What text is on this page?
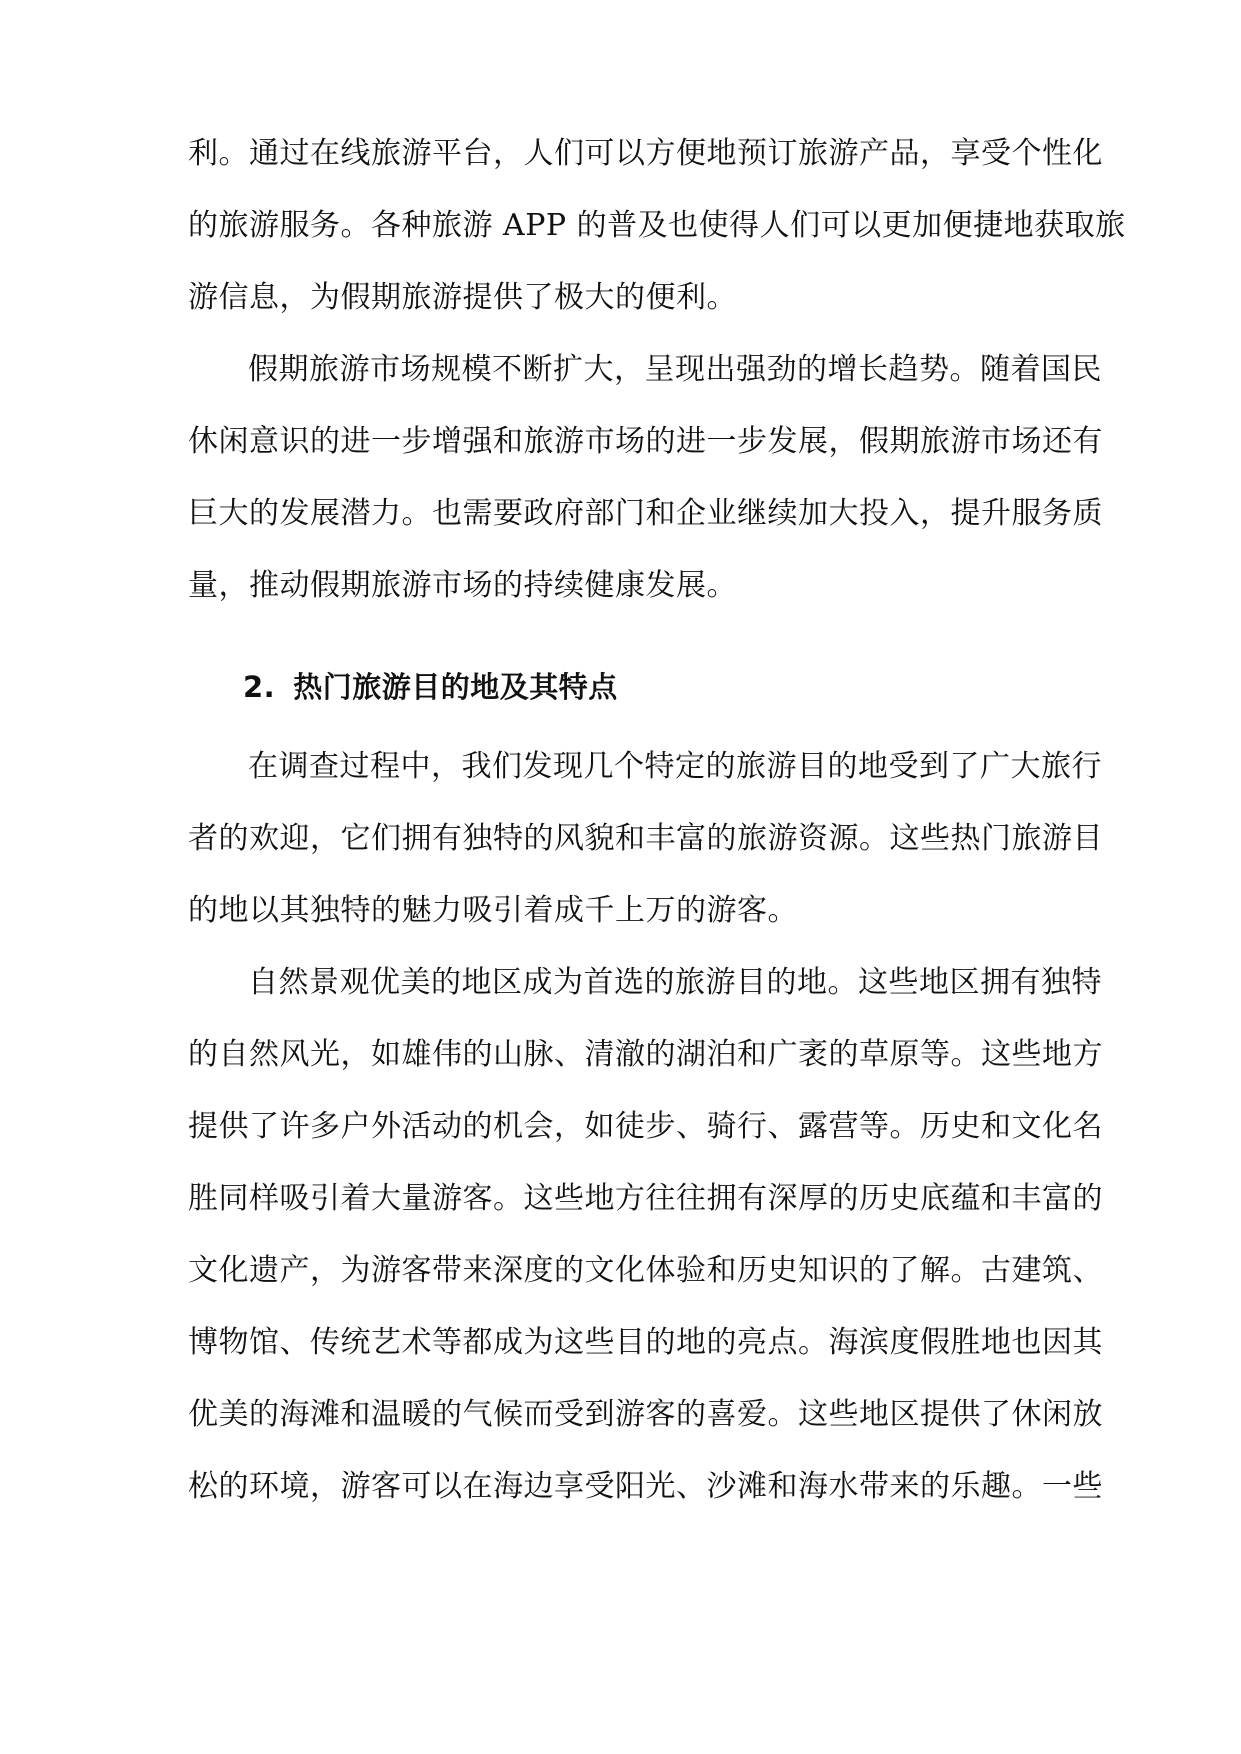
利。通过在线旅游平台，人们可以方便地预订旅游产品，享受个性化
的旅游服务。各种旅游 APP 的普及也使得人们可以更加便捷地获取旅
游信息，为假期旅游提供了极大的便利。
假期旅游市场规模不断扩大，呈现出强劲的增长趋势。随着国民
休闲意识的进一步增强和旅游市场的进一步发展，假期旅游市场还有
巨大的发展潜力。也需要政府部门和企业继续加大投入，提升服务质
量，推动假期旅游市场的持续健康发展。
2. 热门旅游目的地及其特点
在调查过程中，我们发现几个特定的旅游目的地受到了广大旅行
者的欢迎，它们拥有独特的风貌和丰富的旅游资源。这些热门旅游目
的地以其独特的魅力吸引着成千上万的游客。
自然景观优美的地区成为首选的旅游目的地。这些地区拥有独特
的自然风光，如雄伟的山脉、清澈的湖泊和广袤的草原等。这些地方
提供了许多户外活动的机会，如徒步、骑行、露营等。历史和文化名
胜同样吸引着大量游客。这些地方往往拥有深厚的历史底蕴和丰富的
文化遗产，为游客带来深度的文化体验和历史知识的了解。古建筑、
博物馆、传统艺术等都成为这些目的地的亮点。海滨度假胜地也因其
优美的海滩和温暖的气候而受到游客的喜爱。这些地区提供了休闲放
松的环境，游客可以在海边享受阳光、沙滩和海水带来的乐趣。一些
